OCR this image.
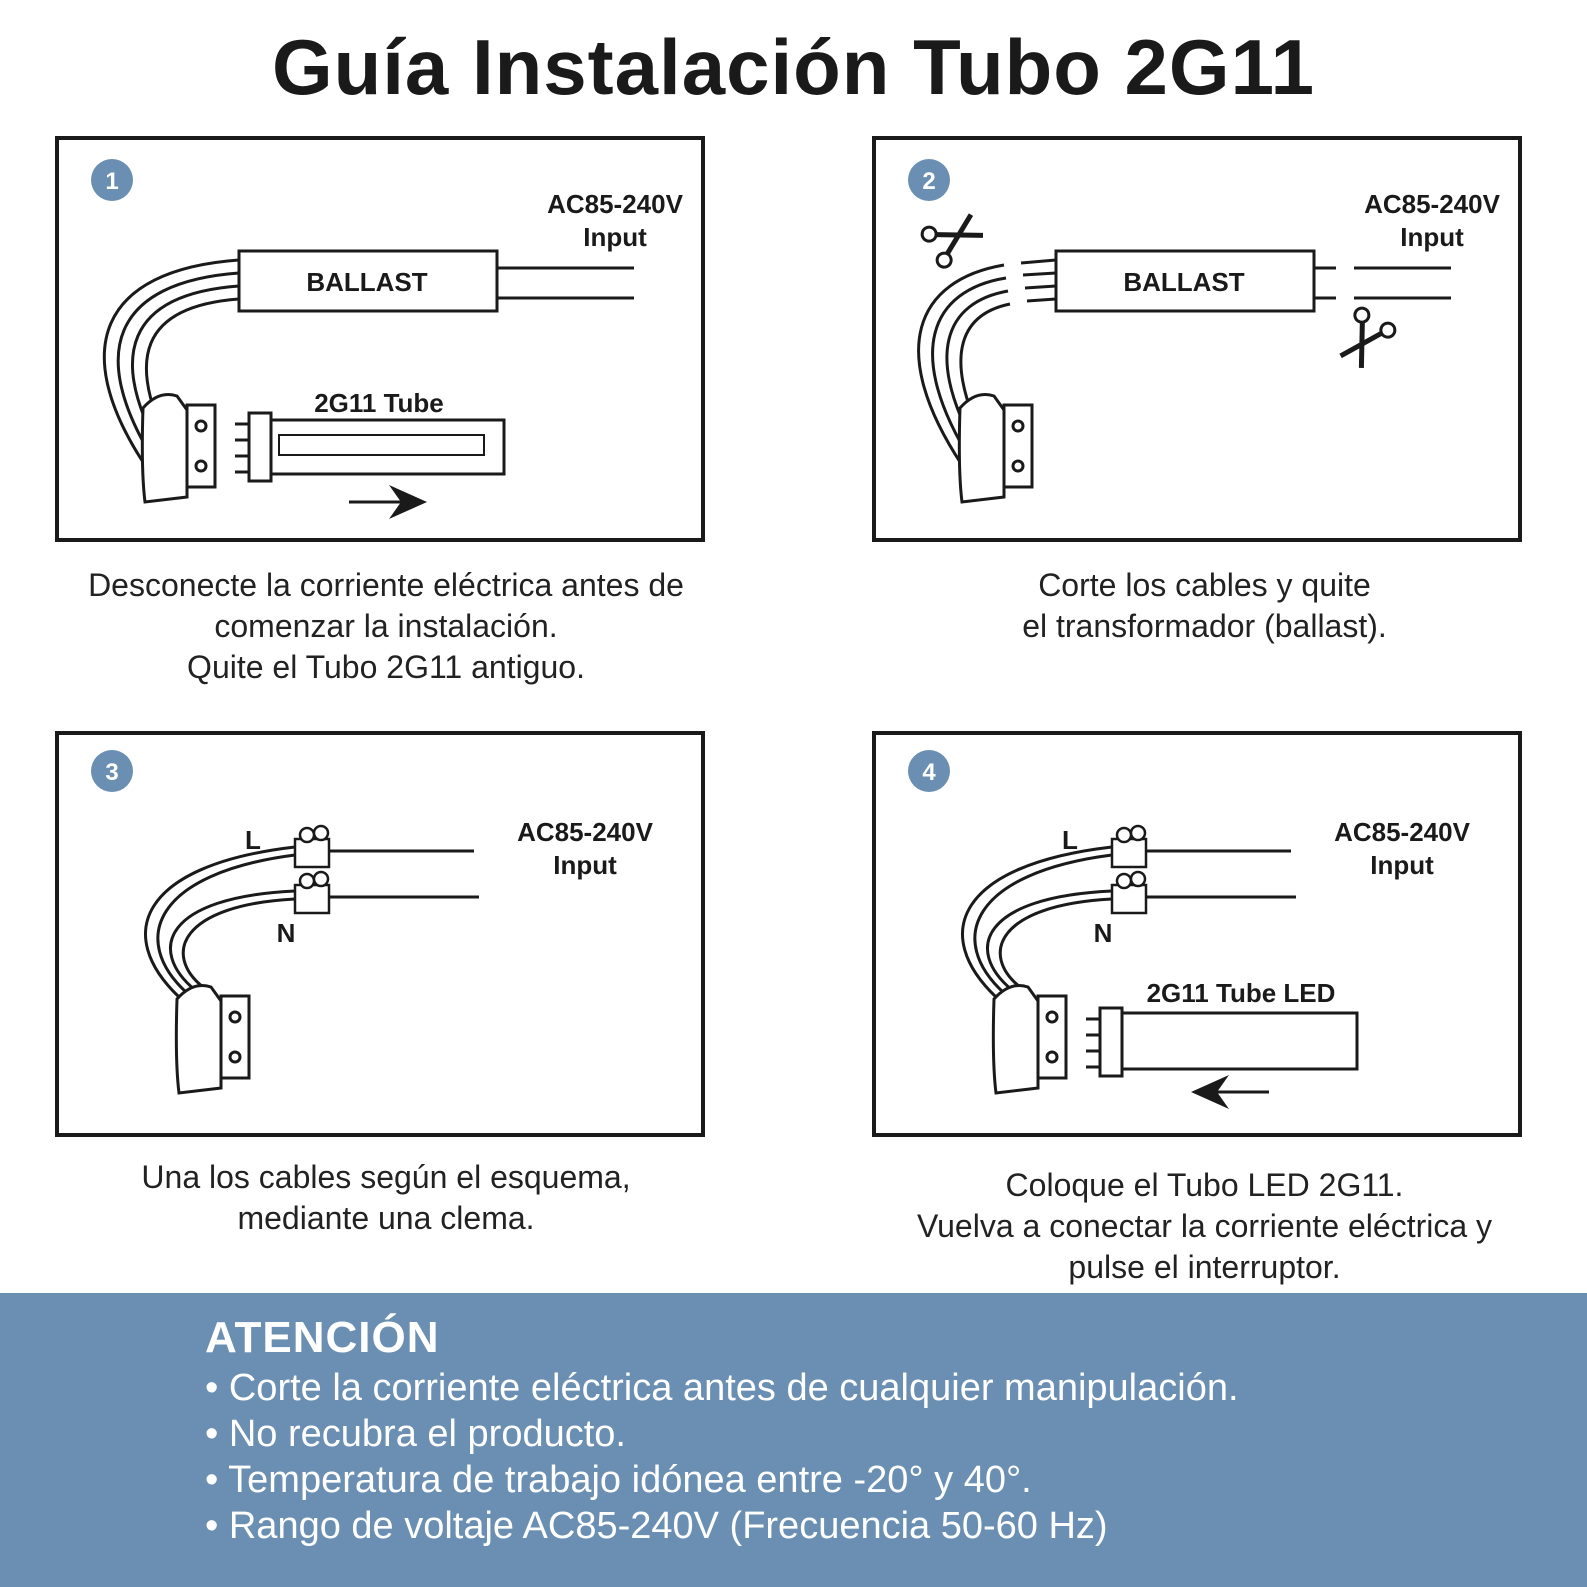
Guía Instalación Tubo 2G11
1
AC85-240V
Input
BALLAST
2G11 Tube
Desconecte la corriente eléctrica antes de
comenzar la instalación.
Quite el Tubo 2G11 antiguo.
2
AC85-240V
Input
BALLAST
Corte los cables y quite
el transformador (ballast).
3
AC85-240V
Input
L
N
Una los cables según el esquema,
mediante una clema.
4
AC85-240V
Input
L
N
2G11 Tube LED
Coloque el Tubo LED 2G11.
Vuelva a conectar la corriente eléctrica y
pulse el interruptor.
ATENCIÓN
• Corte la corriente eléctrica antes de cualquier manipulación.
• No recubra el producto.
• Temperatura de trabajo idónea entre -20° y 40°.
• Rango de voltaje AC85-240V (Frecuencia 50-60 Hz)
